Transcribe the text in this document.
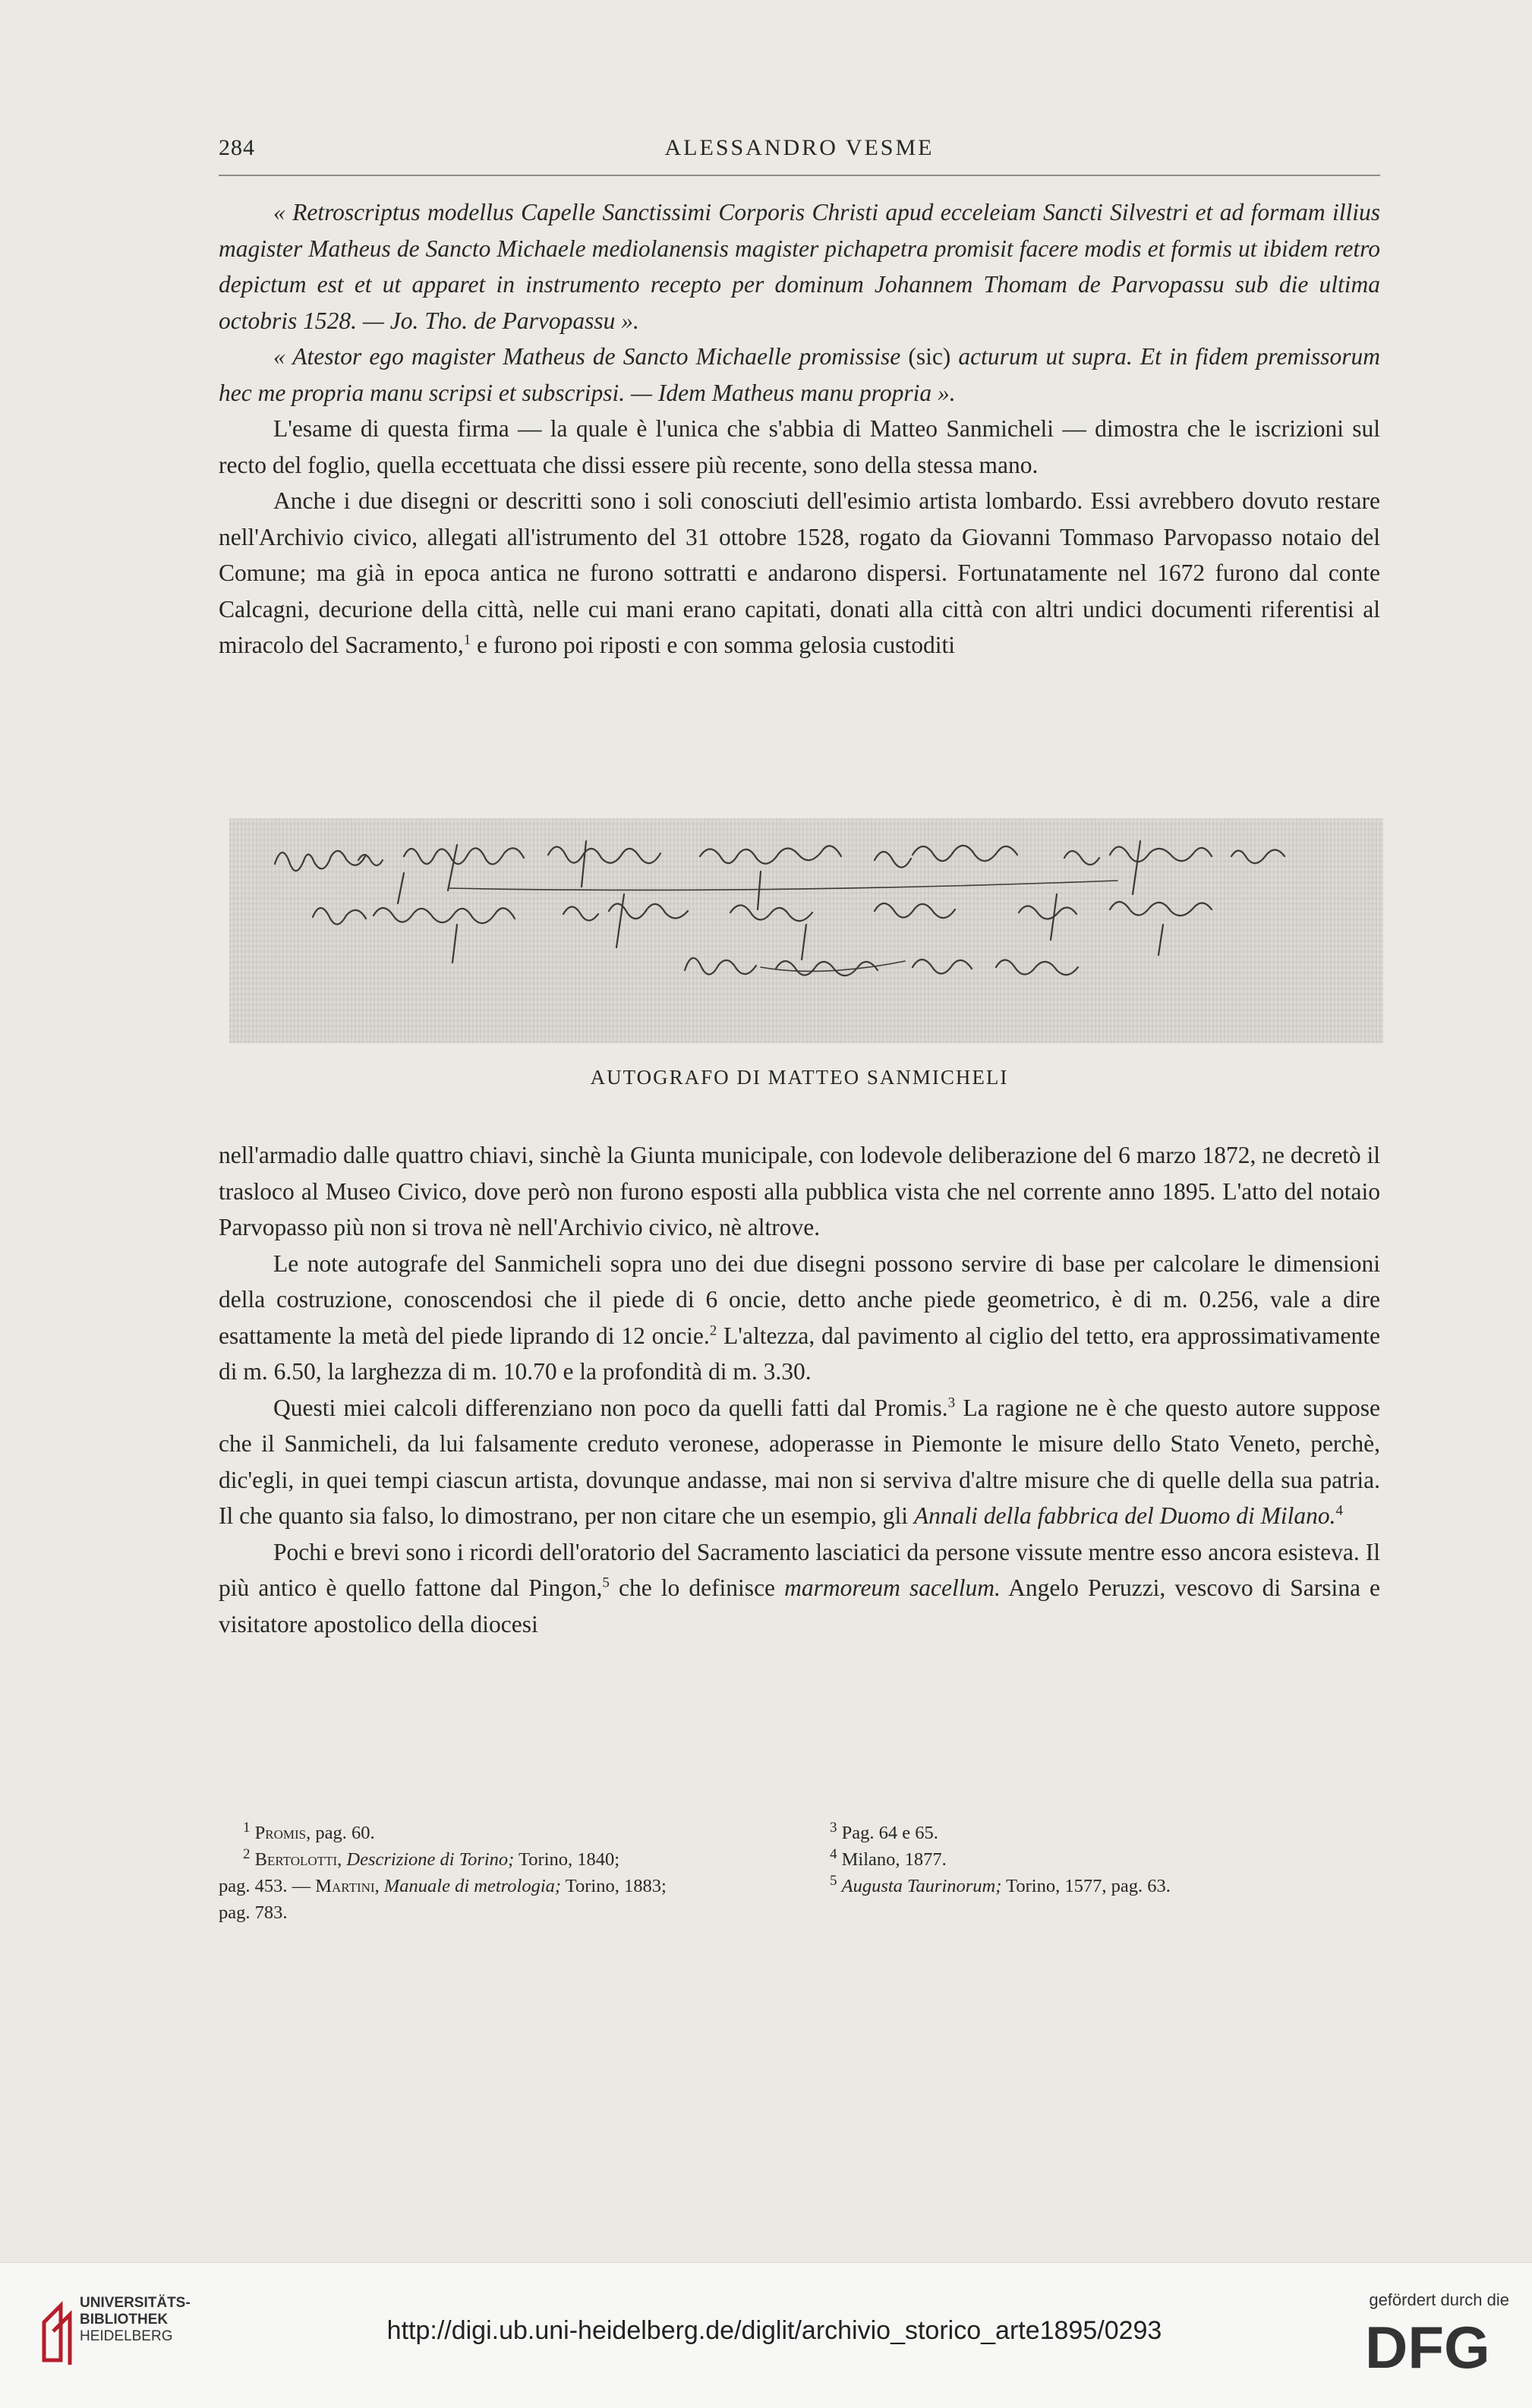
284	ALESSANDRO VESME

« Retroscriptus modellus Capelle Sanctissimi Corporis Christi apud ecceleiam Sancti Silvestri et ad formam illius magister Matheus de Sancto Michaele mediolanensis magister pichapetra promisit facere modis et formis ut ibidem retro depictum est et ut apparet in instrumento recepto per dominum Johannem Thomam de Parvopassu sub die ultima octobris 1528. — Jo. Tho. de Parvopassu ».

« Atestor ego magister Matheus de Sancto Michaelle promissise (sic) acturum ut supra. Et in fidem premissorum hec me propria manu scripsi et subscripsi. — Idem Matheus manu propria ».

L'esame di questa firma — la quale è l'unica che s'abbia di Matteo Sanmicheli — dimostra che le iscrizioni sul recto del foglio, quella eccettuata che dissi essere più recente, sono della stessa mano.

Anche i due disegni or descritti sono i soli conosciuti dell'esimio artista lombardo. Essi avrebbero dovuto restare nell'Archivio civico, allegati all'istrumento del 31 ottobre 1528, rogato da Giovanni Tommaso Parvopasso notaio del Comune; ma già in epoca antica ne furono sottratti e andarono dispersi. Fortunatamente nel 1672 furono dal conte Calcagni, decurione della città, nelle cui mani erano capitati, donati alla città con altri undici documenti riferentisi al miracolo del Sacramento,$^1$ e furono poi riposti e con somma gelosia custoditi

AUTOGRAFO DI MATTEO SANMICHELI

nell'armadio dalle quattro chiavi, sinchè la Giunta municipale, con lodevole deliberazione del 6 marzo 1872, ne decretò il trasloco al Museo Civico, dove però non furono esposti alla pubblica vista che nel corrente anno 1895. L'atto del notaio Parvopasso più non si trova nè nell'Archivio civico, nè altrove.

Le note autografe del Sanmicheli sopra uno dei due disegni possono servire di base per calcolare le dimensioni della costruzione, conoscendosi che il piede di 6 oncie, detto anche piede geometrico, è di m. 0.256, vale a dire esattamente la metà del piede liprando di 12 oncie.$^2$ L'altezza, dal pavimento al ciglio del tetto, era approssimativamente di m. 6.50, la larghezza di m. 10.70 e la profondità di m. 3.30.

Questi miei calcoli differenziano non poco da quelli fatti dal Promis.$^3$ La ragione ne è che questo autore suppose che il Sanmicheli, da lui falsamente creduto veronese, adoperasse in Piemonte le misure dello Stato Veneto, perchè, dic'egli, in quei tempi ciascun artista, dovunque andasse, mai non si serviva d'altre misure che di quelle della sua patria. Il che quanto sia falso, lo dimostrano, per non citare che un esempio, gli Annali della fabbrica del Duomo di Milano.$^4$

Pochi e brevi sono i ricordi dell'oratorio del Sacramento lasciatici da persone vissute mentre esso ancora esisteva. Il più antico è quello fattone dal Pingon,$^5$ che lo definisce marmoreum sacellum. Angelo Peruzzi, vescovo di Sarsina e visitatore apostolico della diocesi

$^1$ Promis, pag. 60.
$^2$ Bertolotti, Descrizione di Torino; Torino, 1840;
pag. 453. — Martini, Manuale di metrologia; Torino, 1883;
pag. 783.
$^3$ Pag. 64 e 65.
$^4$ Milano, 1877.
$^5$ Augusta Taurinorum; Torino, 1577, pag. 63.
UNIVERSITÄTS-
BIBLIOTHEK
HEIDELBERG	http://digi.ub.uni-heidelberg.de/diglit/archivio_storico_arte1895/0293
gefördert durch die
DFG
